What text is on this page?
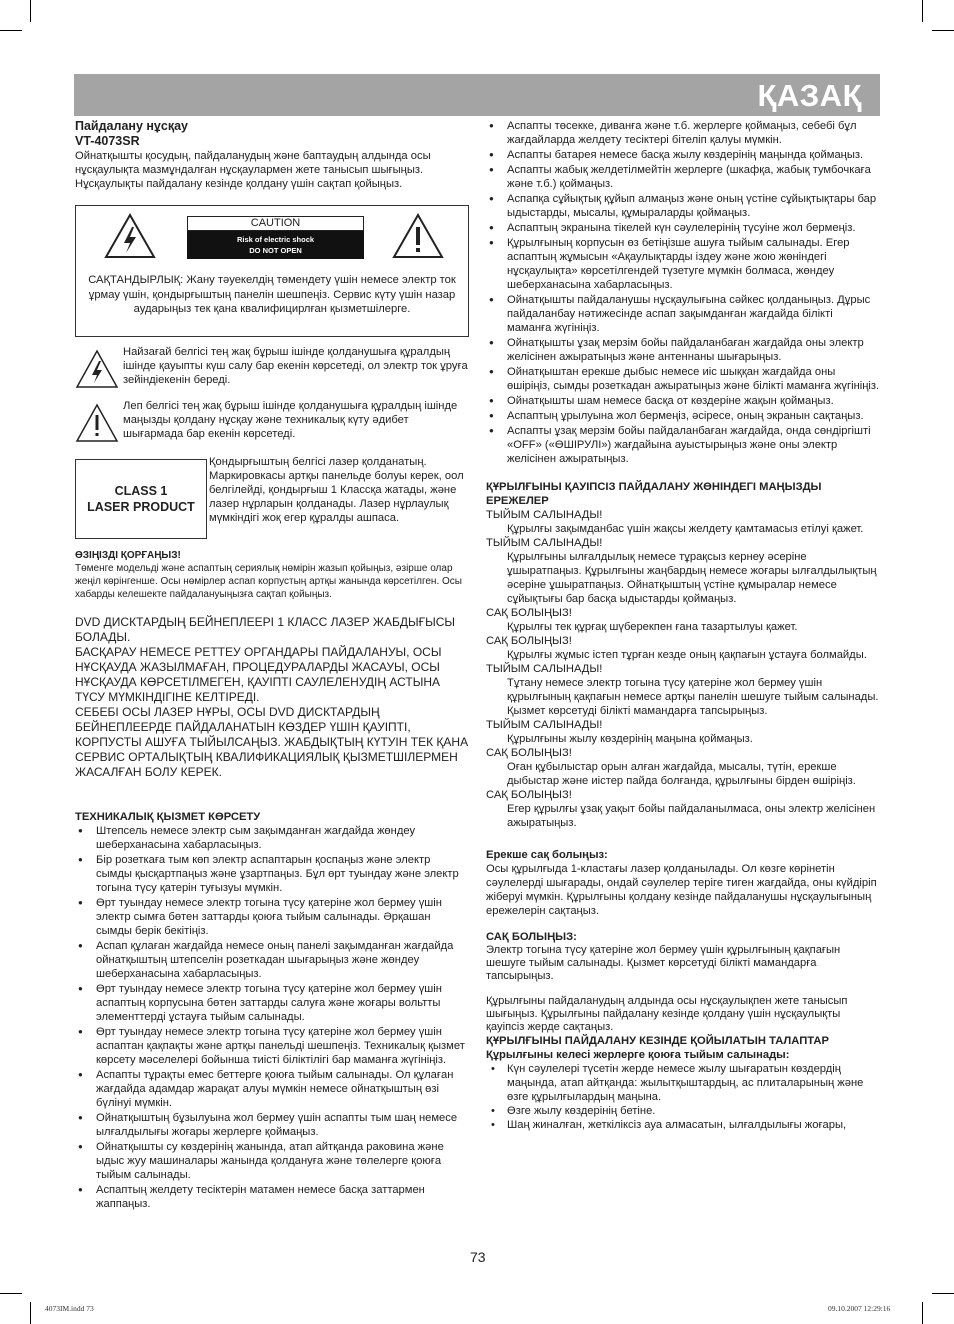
ҚАЗАҚ

Пайдалану нұсқау

VT-4073SR

Ойнатқышты қосудың, пайдаланудың және баптаудың алдында осы нұсқаулықта мазмұндалған нұсқаулармен жете танысып шығыңыз. Нұсқаулықты пайдалану кезінде қолдану үшін сақтап қойыңыз.

CAUTION
Risk of electric shock
DO NOT OPEN
САҚТАНДЫРЛЫҚ: Жану тәуекелдің төмендету үшін немесе электр ток ұрмау үшін, қондырғыштың панелін шешпеңіз. Сервис күту үшін назар аударыңыз тек қана квалифицирлған қызметшілерге.

Найзағай белгісі тең жақ бұрыш ішінде қолданушыға құралдың ішінде қауыпты күш салу бар екенін көрсетеді, ол электр ток ұруға зейіндіекенін береді.

Леп белгісі тең жақ бұрыш ішінде қолданушыға құралдың ішінде маңызды қолдану нұсқау және техникалық күту әдибет шығармада бар екенін көрсетеді.

CLASS 1
LASER PRODUCT

Қондырғыштың белгісі лазер қолданатың. Маркировкасы артқы панельде болуы керек, оол белгілейді, қондырғыш 1 Классқа жатады, жәнe лазер нұрларын қолданады. Лазер нұрлаулық мүмкіндігі жоқ егер құралды ашпаса.

ӨЗІҢІЗДІ ҚОРҒАҢЫЗ!

Төменге модельді және аспаптың сериялық нөмірін жазып қойыңыз, әзірше олар жеңіл көрінгенше. Осы нөмірлер аспап корпустың артқы жанында көрсетілген. Осы хабарды келешекте пайдалануыңызға сақтап қойыңыз.

DVD ДИСКТАРДЫҢ БЕЙНЕПЛЕЕРІ 1 КЛАСС ЛАЗЕР ЖАБДЫҒЫСЫ БОЛАДЫ.

БАСҚАРАУ НЕМЕСЕ РЕТТЕУ ОРГАНДАРЫ ПАЙДАЛАНУЫ, ОСЫ НҰСҚАУДА ЖАЗЫЛМАҒАН, ПРОЦЕДУРАЛАРДЫ ЖАСАУЫ, ОСЫ НҰСҚАУДА КӨРСЕТІЛМЕГЕН, ҚАУІПТІ САУЛЕЛЕНУДІҢ АСТЫНА ТҮСУ МҮМКІНДІГІНЕ КЕЛТІРЕДІ.

СЕБЕБІ ОСЫ ЛАЗЕР НҰРЫ, ОСЫ DVD ДИСКТАРДЫҢ БЕЙНЕПЛЕЕРДЕ ПАЙДАЛАНАТЫН КӨЗДЕР ҮШІН ҚАУІПТІ, КОРПУСТЫ АШУҒА ТЫЙЫЛСАҢЫЗ. ЖАБДЫҚТЫҢ КҮТУІН ТЕК ҚАНА СЕРВИС ОРТАЛЫҚТЫҢ КВАЛИФИКАЦИЯЛЫҚ ҚЫЗМЕТШІЛЕРМЕН ЖАСАЛҒАН БОЛУ КЕРЕК.

ТЕХНИКАЛЫҚ ҚЫЗМЕТ КӨРСЕТУ

● Штепсель немесе электр сым зақымданған жағдайда жөндеу шеберханасына хабарласыңыз.
● Бір розеткаға тым көп электр аспаптарын қоспаңыз және электр сымды қысқартпаңыз және ұзартпаңыз. Бұл өрт туындау және электр тогына түсу қатерін туғызуы мүмкін.
● Өрт туындау немесе электр тогына түсу қатеріне жол бермеу үшін электр сымға бөтен заттарды қоюға тыйым салынады. Әрқашан сымды берік бекітіңіз.
● Аспап құлаған жағдайда немесе оның панелі зақымданған жағдайда ойнатқыштың штепселін розеткадан шығарыңыз және жөндеу шеберханасына хабарласыңыз.
● Өрт туындау немесе электр тогына түсу қатеріне жол бермеу үшін аспаптың корпусына бөтен заттарды салуға және жоғары вольтты элементтерді ұстауға тыйым салынады.
● Өрт туындау немесе электр тогына түсу қатеріне жол бермеу үшін аспаптан қақпақты және артқы панельді шешпеңіз. Техникалық қызмет көрсету мәселелері бойынша тиісті біліктілігі бар маманға жүгініңіз.
● Аспапты тұрақты емес беттерге қоюға тыйым салынады. Ол құлаған жағдайда адамдар жарақат алуы мүмкін немесе ойнатқыштың өзі бүлінуі мүмкін.
● Ойнатқыштың бұзылуына жол бермеу үшін аспапты тым шаң немесе ылғалдылығы жоғары жерлерге қоймаңыз.
● Ойнатқышты су көздерінің жанында, атап айтқанда раковина және ыдыс жуу машиналары жанында қолдануға және төлелерге қоюға тыйым салынады.
● Аспаптың желдету тесіктерін матамен немесе басқа заттармен жаппаңыз.
● Аспапты төсекке, диванға және т.б. жерлерге қоймаңыз, себебі бұл жағдайларда желдету тесіктері бітеліп қалуы мүмкін.
● Аспапты батарея немесе басқа жылу көздерінің маңында қоймаңыз.
● Аспапты жабық желдетілмейтін жерлерге (шкафқа, жабық тумбочкаға және т.б.) қоймаңыз.
● Аспапқа сұйықтық құйып алмаңыз және оның үстіне сұйықтықтары бар ыдыстарды, мысалы, құмыраларды қоймаңыз.
● Аспаптың экранына тікелей күн сәулелерінің түсуіне жол бермеңіз.
● Құрылғының корпусын өз бетіңізше ашуға тыйым салынады. Егер аспаптың жұмысын «Ақаулықтарды іздеу және жою жөніндегі нұсқаулықта» көрсетілгендей түзетуге мүмкін болмаса, жөндеу шеберханасына хабарласыңыз.
● Ойнатқышты пайдаланушы нұсқаулығына сәйкес қолданыңыз. Дұрыс пайдаланбау нәтижесінде аспап зақымданған жағдайда білікті маманға жүгініңіз.
● Ойнатқышты ұзақ мерзім бойы пайдаланбаған жағдайда оны электр желісінен ажыратыңыз және антеннаны шығарыңыз.
● Ойнатқыштан ерекше дыбыс немесе иіс шыққан жағдайда оны өшіріңіз, сымды розеткадан ажыратыңыз және білікті маманға жүгініңіз.
● Ойнатқышты шам немесе басқа от көздеріне жақын қоймаңыз.
● Аспаптың ұрылуына жол бермеңіз, әсіресе, оның экранын сақтаңыз.
● Аспапты ұзақ мерзім бойы пайдаланбаған жағдайда, онда сөндіргішті «OFF» («ӨШІРУЛІ») жағдайына ауыстырыңыз және оны электр желісінен ажыратыңыз.

ҚҰРЫЛҒЫНЫ ҚАУІПСІЗ ПАЙДАЛАНУ ЖӨНІНДЕГІ МАҢЫЗДЫ ЕРЕЖЕЛЕР

ТЫЙЫМ САЛЫНАДЫ!

Құрылғы зақымданбас үшін жақсы желдету қамтамасыз етілуі қажет.

ТЫЙЫМ САЛЫНАДЫ!

Құрылғыны ылғалдылық немесе тұрақсыз кернеу әсеріне ұшыратпаңыз. Құрылғыны жаңбардың немесе жоғары ылғалдылықтың әсеріне ұшыратпаңыз. Ойнатқыштың үстіне құмыралар немесе сұйықтығы бар басқа ыдыстарды қоймаңыз.

САҚ БОЛЫҢЫЗ!

Құрылғы тек құрғақ шүберекпен ғана тазартылуы қажет.

САҚ БОЛЫҢЫЗ!

Құрылғы жұмыс істеп тұрған кезде оның қақпағын ұстауға болмайды.

ТЫЙЫМ САЛЫНАДЫ!

Тұтану немесе электр тогына түсу қатеріне жол бермеу үшін құрылғының қақпағын немесе артқы панелін шешуге тыйым салынады. Қызмет көрсетуді білікті мамандарға тапсырыңыз.

ТЫЙЫМ САЛЫНАДЫ!

Құрылғыны жылу көздерінің маңына қоймаңыз.

САҚ БОЛЫҢЫЗ!

Оған құбылыстар орын алған жағдайда, мысалы, түтін, ерекше дыбыстар және иістер пайда болғанда, құрылғыны бірден өшіріңіз.

САҚ БОЛЫҢЫЗ!

Егер құрылғы ұзақ уақыт бойы пайдаланылмаса, оны электр желісінен ажыратыңыз.

Ерекше сақ болыңыз:

Осы құрылғыда 1-кластағы лазер қолданылады. Ол көзге көрінетін сәулелерді шығарады, ондай сәулелер теріге тиген жағдайда, оны күйдіріп жіберуі мүмкін. Құрылғыны қолдану кезінде пайдаланушы нұсқаулығының ережелерін сақтаңыз.

САҚ БОЛЫҢЫЗ:

Электр тогына түсу қатеріне жол бермеу үшін құрылғының қақпағын шешуге тыйым салынады. Қызмет көрсетуді білікті мамандарға тапсырыңыз.

Құрылғыны пайдаланудың алдында осы нұсқаулықпен жете танысып шығыңыз. Құрылғыны пайдалану кезінде қолдану үшін нұсқаулықты қауіпсіз жерде сақтаңыз.

ҚҰРЫЛҒЫНЫ ПАЙДАЛАНУ КЕЗІНДЕ ҚОЙЫЛАТЫН ТАЛАПТАР

Құрылғыны келесі жерлерге қоюға тыйым салынады:

• Күн сәулелері түсетін жерде немесе жылу шығаратын көздердің маңында, атап айтқанда: жылытқыштардың, ас плиталарының және өзге құрылғылардың маңына.
• Өзге жылу көздерінің бетіне.
• Шаң жиналған, жеткіліксіз ауа алмасатын, ылғалдылығы жоғары,
73
4073IM.indd 73	09.10.2007 12:29:16
